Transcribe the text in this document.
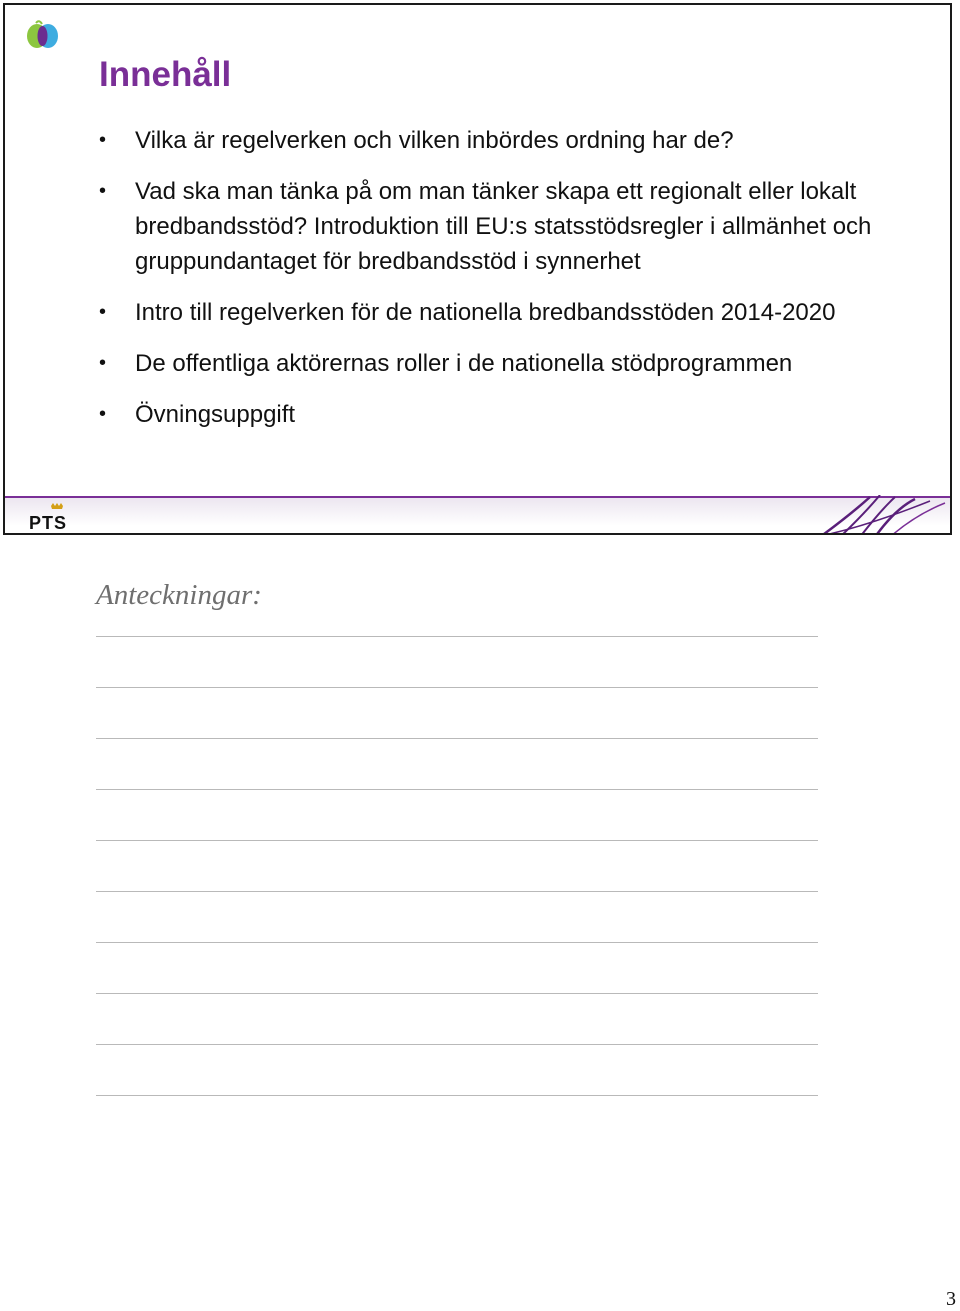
Innehåll
• Vilka är regelverken och vilken inbördes ordning har de?
• Vad ska man tänka på om man tänker skapa ett regionalt eller lokalt bredbandsstöd? Introduktion till EU:s statsstödsregler i allmänhet och gruppundantaget för bredbandsstöd i synnerhet
• Intro till regelverken för de nationella bredbandsstöden 2014-2020
• De offentliga aktörernas roller i de nationella stödprogrammen
• Övningsuppgift
PTS
Anteckningar:
3
